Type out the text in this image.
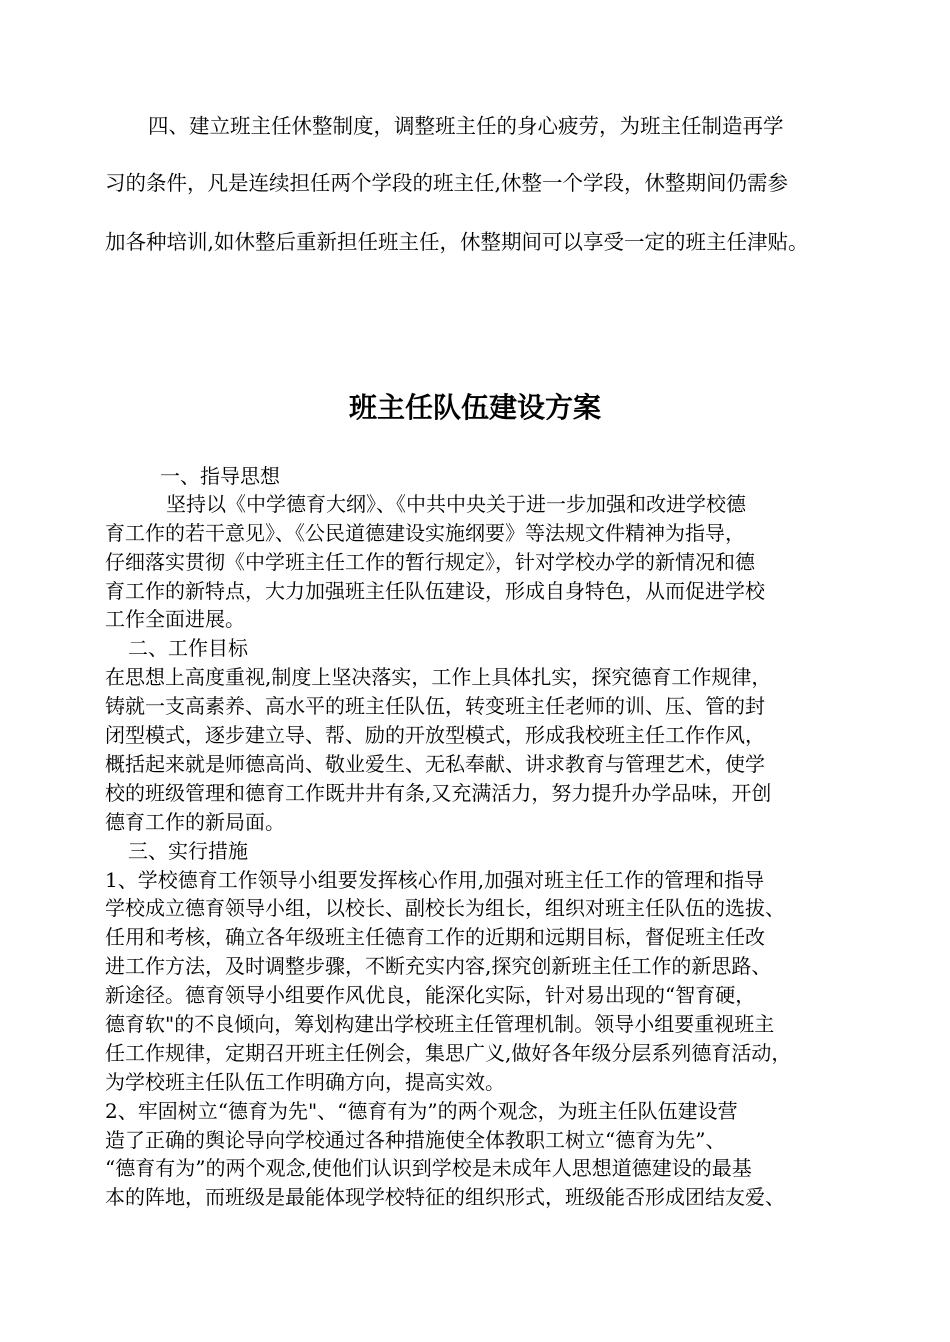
四、建立班主任休整制度，调整班主任的身心疲劳，为班主任制造再学

习的条件，凡是连续担任两个学段的班主任,休整一个学段，休整期间仍需参

加各种培训,如休整后重新担任班主任，休整期间可以享受一定的班主任津贴。

班主任队伍建设方案

一、指导思想

坚持以《中学德育大纲》、《中共中央关于进一步加强和改进学校德

育工作的若干意见》、《公民道德建设实施纲要》等法规文件精神为指导，

仔细落实贯彻《中学班主任工作的暂行规定》，针对学校办学的新情况和德

育工作的新特点，大力加强班主任队伍建设，形成自身特色，从而促进学校

工作全面进展。

二、工作目标

在思想上高度重视,制度上坚决落实，工作上具体扎实，探究德育工作规律，

铸就一支高素养、高水平的班主任队伍，转变班主任老师的训、压、管的封

闭型模式，逐步建立导、帮、励的开放型模式，形成我校班主任工作作风，

概括起来就是师德高尚、敬业爱生、无私奉献、讲求教育与管理艺术，使学

校的班级管理和德育工作既井井有条,又充满活力，努力提升办学品味，开创

德育工作的新局面。

三、实行措施

1、学校德育工作领导小组要发挥核心作用,加强对班主任工作的管理和指导

学校成立德育领导小组，以校长、副校长为组长，组织对班主任队伍的选拔、

任用和考核，确立各年级班主任德育工作的近期和远期目标，督促班主任改

进工作方法，及时调整步骤，不断充实内容,探究创新班主任工作的新思路、

新途径。德育领导小组要作风优良，能深化实际，针对易出现的“智育硬，

德育软"的不良倾向，筹划构建出学校班主任管理机制。领导小组要重视班主

任工作规律，定期召开班主任例会，集思广义,做好各年级分层系列德育活动，

为学校班主任队伍工作明确方向，提高实效。

2、牢固树立“德育为先"、“德育有为”的两个观念，为班主任队伍建设营

造了正确的舆论导向学校通过各种措施使全体教职工树立“德育为先”、

“德育有为”的两个观念,使他们认识到学校是未成年人思想道德建设的最基

本的阵地，而班级是最能体现学校特征的组织形式，班级能否形成团结友爱、
